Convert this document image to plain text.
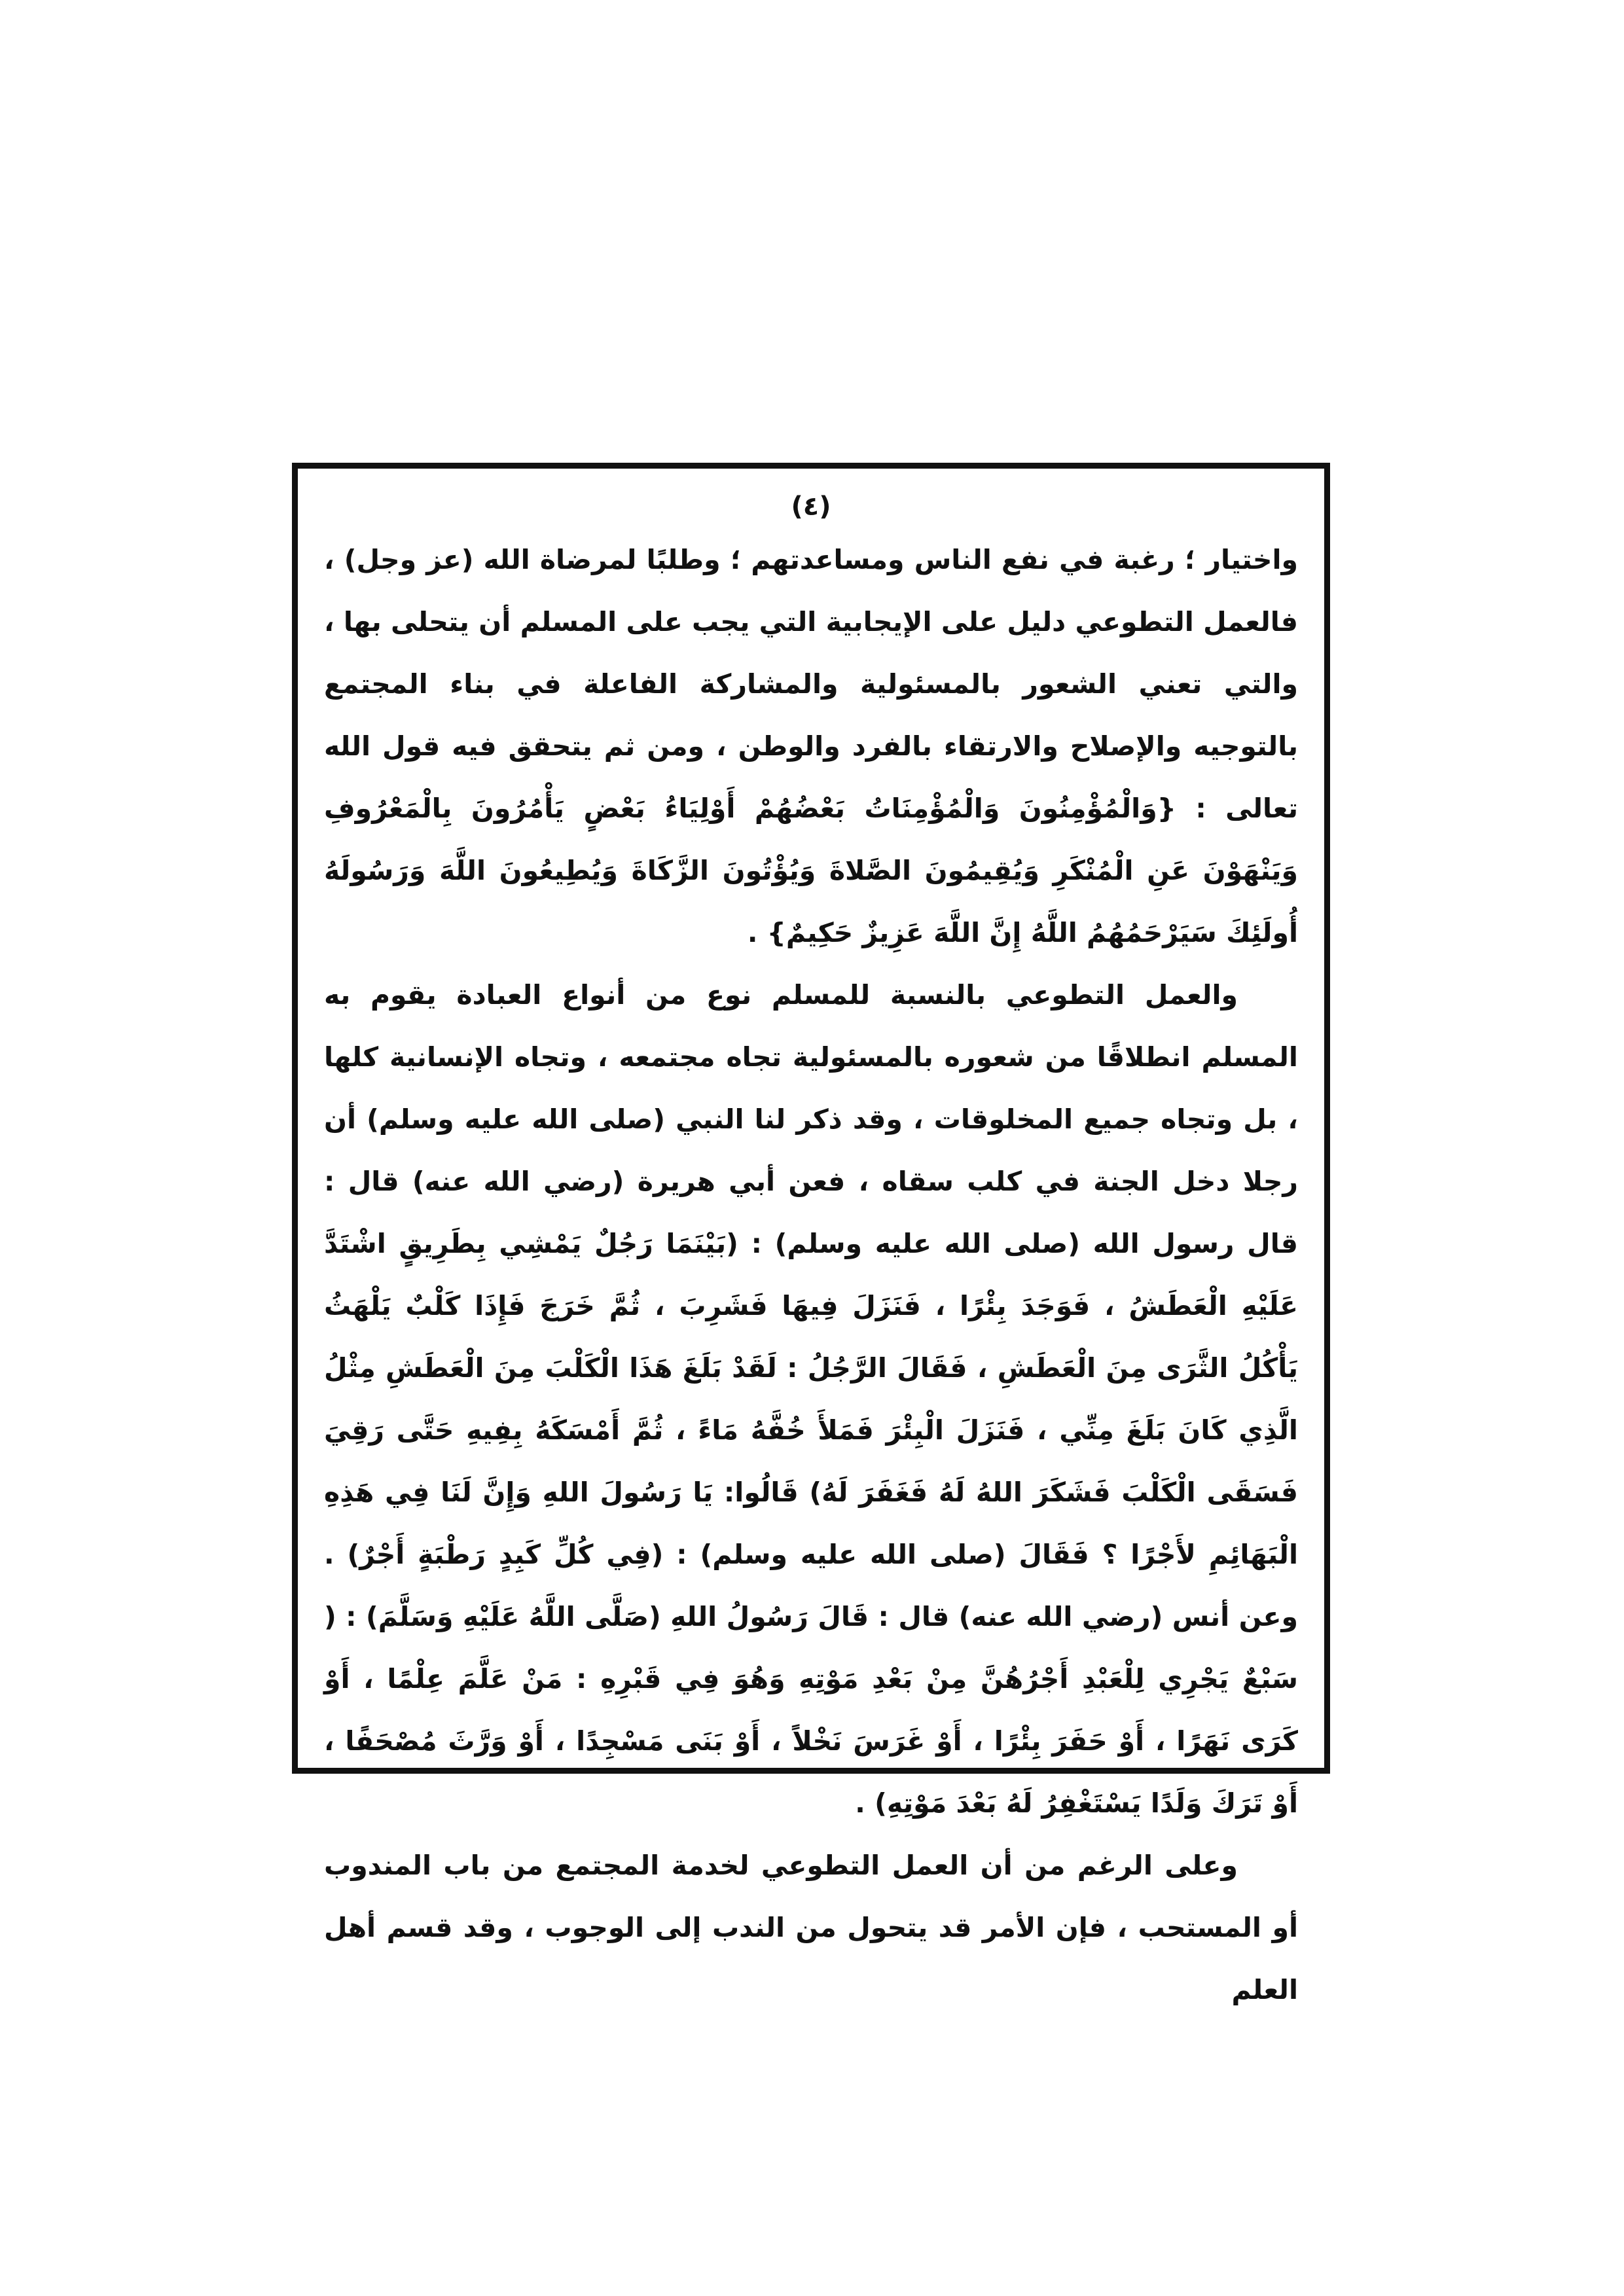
(٤)

واختيار ؛ رغبة في نفع الناس ومساعدتهم ؛ وطلبًا لمرضاة الله (عز وجل) ، فالعمل التطوعي دليل على الإيجابية التي يجب على المسلم أن يتحلى بها ، والتي تعني الشعور بالمسئولية والمشاركة الفاعلة في بناء المجتمع بالتوجيه والإصلاح والارتقاء بالفرد والوطن ، ومن ثم يتحقق فيه قول الله تعالى : {وَالْمُؤْمِنُونَ وَالْمُؤْمِنَاتُ بَعْضُهُمْ أَوْلِيَاءُ بَعْضٍ يَأْمُرُونَ بِالْمَعْرُوفِ وَيَنْهَوْنَ عَنِ الْمُنْكَرِ وَيُقِيمُونَ الصَّلاةَ وَيُؤْتُونَ الزَّكَاةَ وَيُطِيعُونَ اللَّهَ وَرَسُولَهُ أُولَئِكَ سَيَرْحَمُهُمُ اللَّهُ إِنَّ اللَّهَ عَزِيزٌ حَكِيمٌ} .

والعمل التطوعي بالنسبة للمسلم نوع من أنواع العبادة يقوم به المسلم انطلاقًا من شعوره بالمسئولية تجاه مجتمعه ، وتجاه الإنسانية كلها ، بل وتجاه جميع المخلوقات ، وقد ذكر لنا النبي (صلى الله عليه وسلم) أن رجلا دخل الجنة في كلب سقاه ، فعن أبي هريرة (رضي الله عنه) قال : قال رسول الله (صلى الله عليه وسلم) : (بَيْنَمَا رَجُلٌ يَمْشِي بِطَرِيقٍ اشْتَدَّ عَلَيْهِ الْعَطَشُ ، فَوَجَدَ بِئْرًا ، فَنَزَلَ فِيهَا فَشَرِبَ ، ثُمَّ خَرَجَ فَإِذَا كَلْبٌ يَلْهَثُ يَأْكُلُ الثَّرَى مِنَ الْعَطَشِ ، فَقَالَ الرَّجُلُ : لَقَدْ بَلَغَ هَذَا الْكَلْبَ مِنَ الْعَطَشِ مِثْلُ الَّذِي كَانَ بَلَغَ مِنِّي ، فَنَزَلَ الْبِئْرَ فَمَلأَ خُفَّهُ مَاءً ، ثُمَّ أَمْسَكَهُ بِفِيهِ حَتَّى رَقِيَ فَسَقَى الْكَلْبَ فَشَكَرَ اللهُ لَهُ فَغَفَرَ لَهُ) قَالُوا: يَا رَسُولَ اللهِ وَإِنَّ لَنَا فِي هَذِهِ الْبَهَائِمِ لأَجْرًا ؟ فَقَالَ (صلى الله عليه وسلم) : (فِي كُلِّ كَبِدٍ رَطْبَةٍ أَجْرٌ) . وعن أنس (رضي الله عنه) قال : قَالَ رَسُولُ اللهِ (صَلَّى اللَّهُ عَلَيْهِ وَسَلَّمَ) : ( سَبْعٌ يَجْرِي لِلْعَبْدِ أَجْرُهُنَّ مِنْ بَعْدِ مَوْتِهِ وَهُوَ فِي قَبْرِهِ : مَنْ عَلَّمَ عِلْمًا ، أَوْ كَرَى نَهَرًا ، أَوْ حَفَرَ بِئْرًا ، أَوْ غَرَسَ نَخْلاً ، أَوْ بَنَى مَسْجِدًا ، أَوْ وَرَّثَ مُصْحَفًا ، أَوْ تَرَكَ وَلَدًا يَسْتَغْفِرُ لَهُ بَعْدَ مَوْتِهِ) .

وعلى الرغم من أن العمل التطوعي لخدمة المجتمع من باب المندوب أو المستحب ، فإن الأمر قد يتحول من الندب إلى الوجوب ، وقد قسم أهل العلم
